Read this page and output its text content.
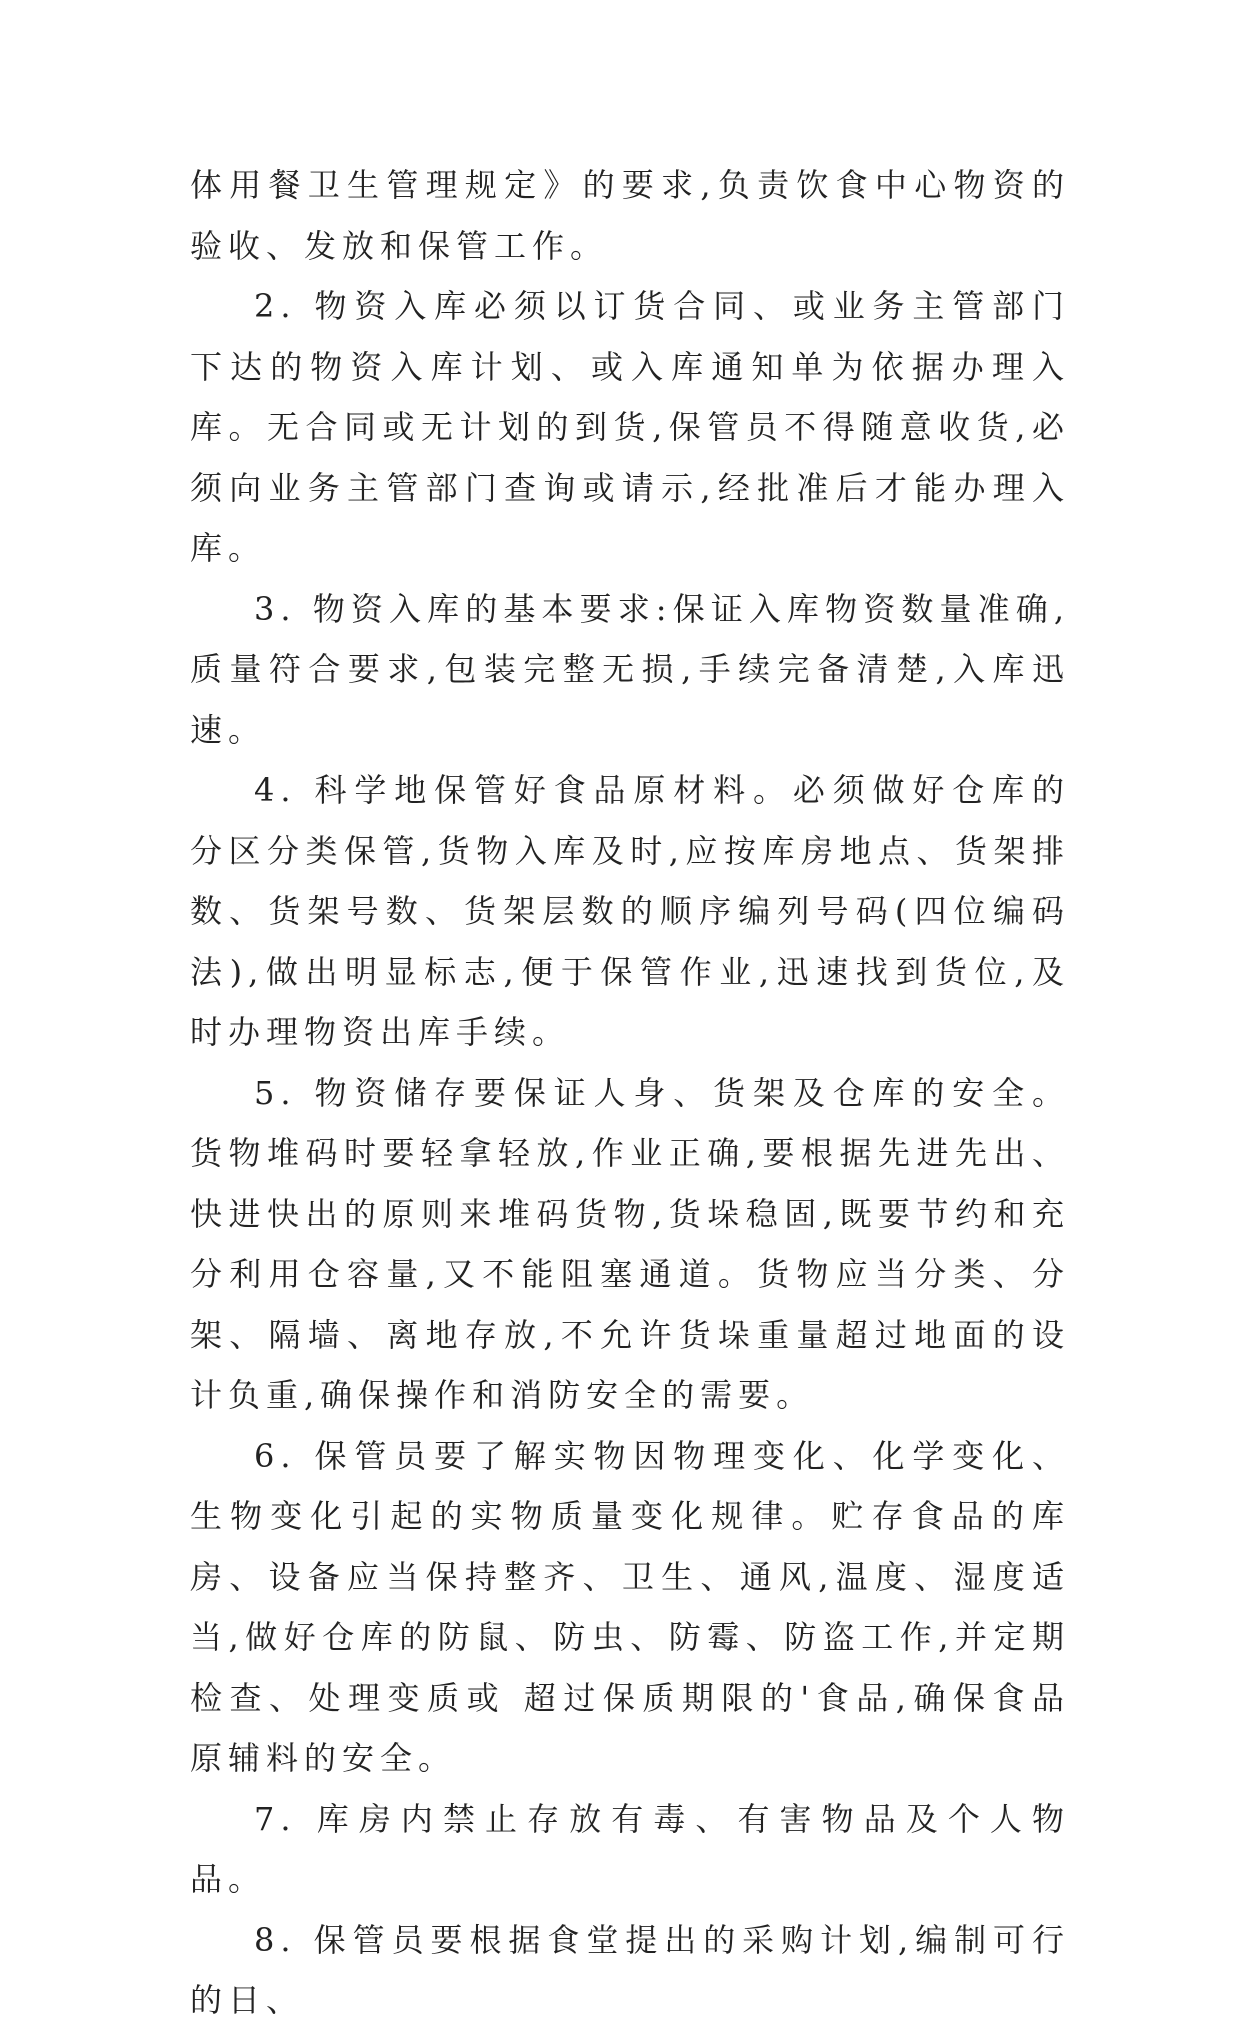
体用餐卫生管理规定》的要求,负责饮食中心物资的验收、发放和保管工作。

2. 物资入库必须以订货合同、或业务主管部门下达的物资入库计划、或入库通知单为依据办理入库。无合同或无计划的到货,保管员不得随意收货,必须向业务主管部门查询或请示,经批准后才能办理入库。

3. 物资入库的基本要求:保证入库物资数量准确,质量符合要求,包装完整无损,手续完备清楚,入库迅速。

4. 科学地保管好食品原材料。必须做好仓库的分区分类保管,货物入库及时,应按库房地点、货架排数、货架号数、货架层数的顺序编列号码(四位编码法),做出明显标志,便于保管作业,迅速找到货位,及时办理物资出库手续。

5. 物资储存要保证人身、货架及仓库的安全。货物堆码时要轻拿轻放,作业正确,要根据先进先出、快进快出的原则来堆码货物,货垛稳固,既要节约和充分利用仓容量,又不能阻塞通道。货物应当分类、分架、隔墙、离地存放,不允许货垛重量超过地面的设计负重,确保操作和消防安全的需要。

6. 保管员要了解实物因物理变化、化学变化、生物变化引起的实物质量变化规律。贮存食品的库房、设备应当保持整齐、卫生、通风,温度、湿度适当,做好仓库的防鼠、防虫、防霉、防盗工作,并定期检查、处理变质或 超过保质期限的'食品,确保食品原辅料的安全。

7. 库房内禁止存放有毒、有害物品及个人物品。

8. 保管员要根据食堂提出的采购计划,编制可行的日、
